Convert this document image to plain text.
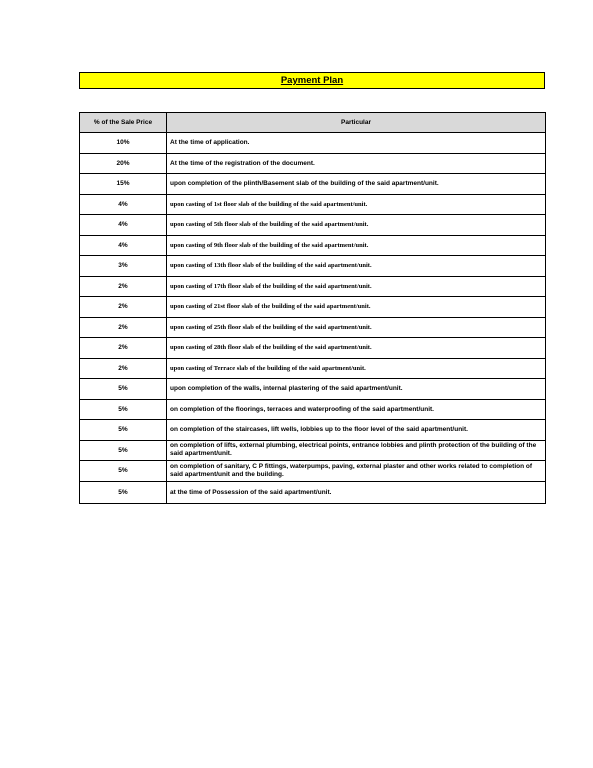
Payment Plan
% of the Sale Price	Particular
10%	At the time of application.
20%	At the time of the registration of the document.
15%	upon completion of the plinth/Basement slab of the building of the said apartment/unit.
4%	upon casting of 1st floor slab of the building of the said apartment/unit.
4%	upon casting of 5th floor slab of the building of the said apartment/unit.
4%	upon casting of 9th floor slab of the building of the said apartment/unit.
3%	upon casting of 13th floor slab of the building of the said apartment/unit.
2%	upon casting of 17th floor slab of the building of the said apartment/unit.
2%	upon casting of 21st floor slab of the building of the said apartment/unit.
2%	upon casting of 25th floor slab of the building of the said apartment/unit.
2%	upon casting of 28th floor slab of the building of the said apartment/unit.
2%	upon casting of Terrace slab of the building of the said apartment/unit.
5%	upon completion of the walls, internal plastering of the said apartment/unit.
5%	on completion of the floorings, terraces and waterproofing of the said apartment/unit.
5%	on completion of the staircases, lift wells, lobbies up to the floor level of the said apartment/unit.
5%	on completion of lifts, external plumbing, electrical points, entrance lobbies and plinth protection of the building of the said apartment/unit.
5%	on completion of sanitary, C P fittings, waterpumps, paving, external plaster and other works related to completion of said apartment/unit and the building.
5%	at the time of Possession of the said apartment/unit.
